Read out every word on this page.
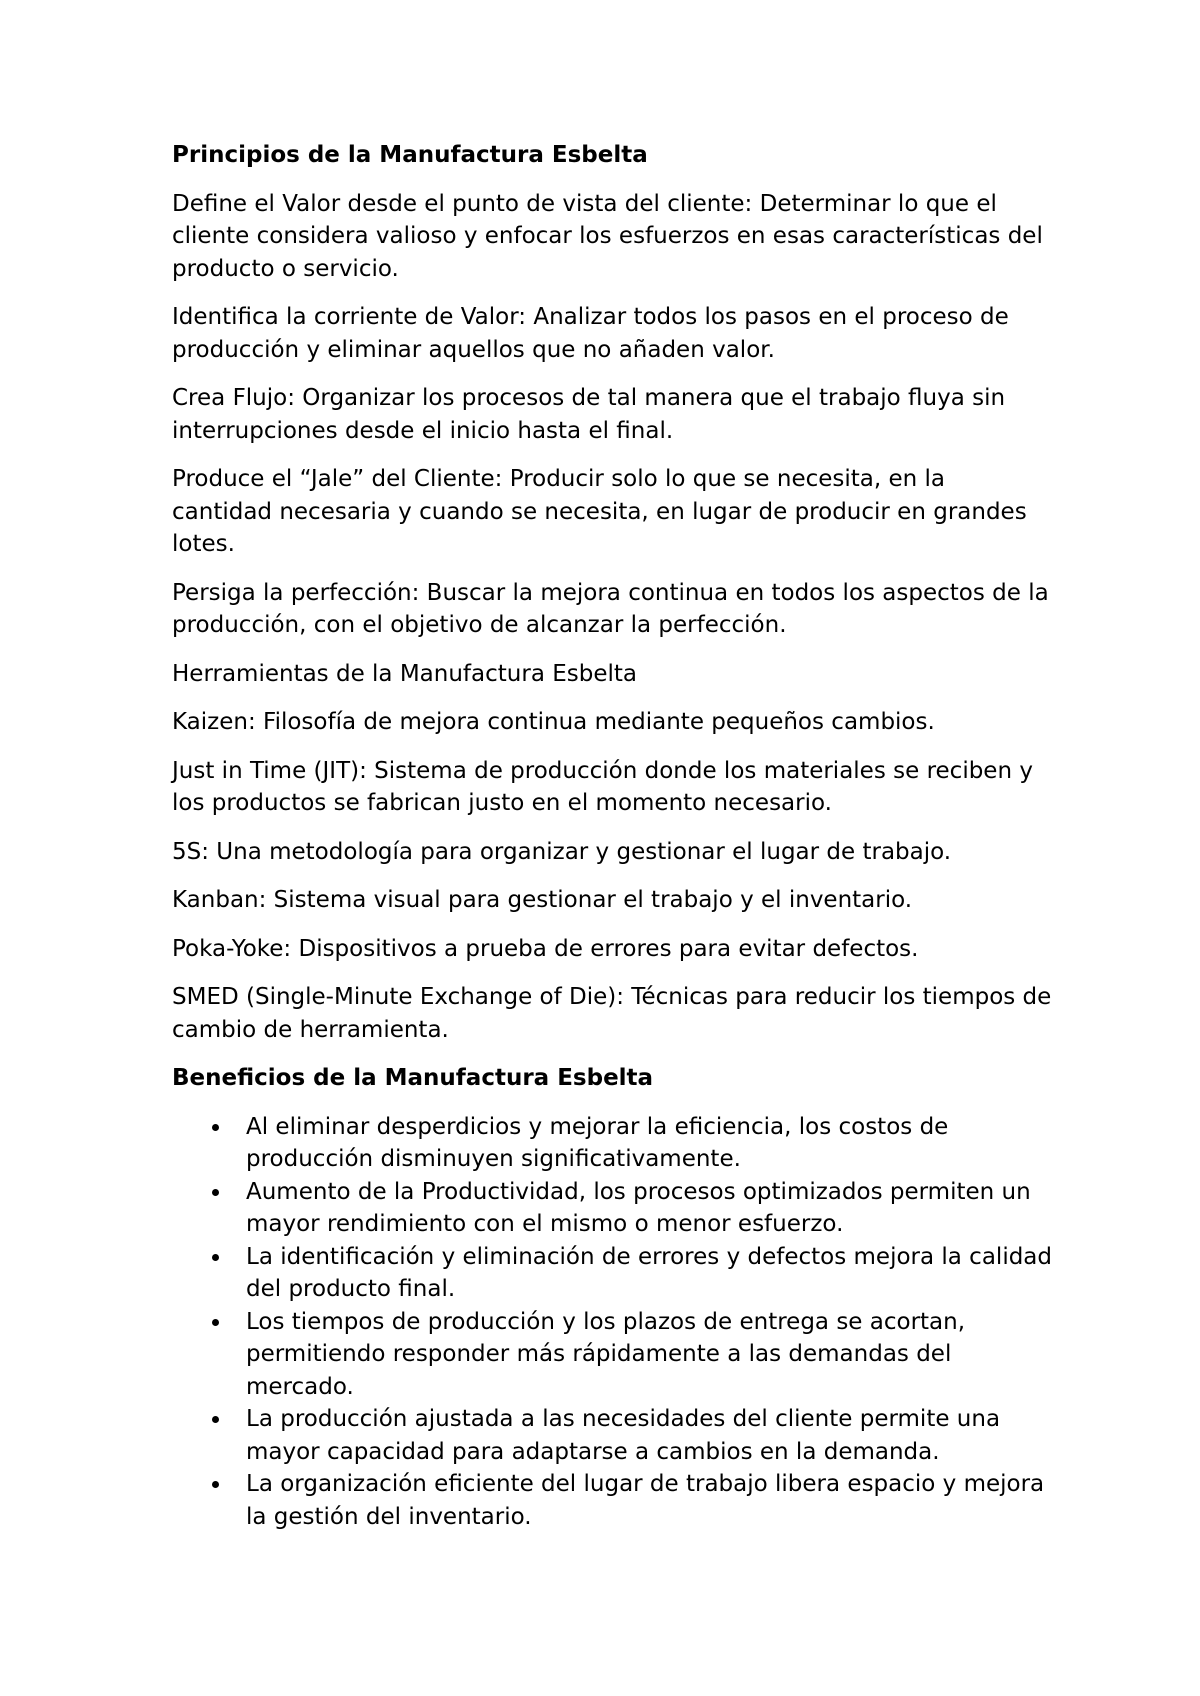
Principios de la Manufactura Esbelta

Define el Valor desde el punto de vista del cliente: Determinar lo que el cliente considera valioso y enfocar los esfuerzos en esas características del producto o servicio.

Identifica la corriente de Valor: Analizar todos los pasos en el proceso de producción y eliminar aquellos que no añaden valor.

Crea Flujo: Organizar los procesos de tal manera que el trabajo fluya sin interrupciones desde el inicio hasta el final.

Produce el “Jale” del Cliente: Producir solo lo que se necesita, en la cantidad necesaria y cuando se necesita, en lugar de producir en grandes lotes.

Persiga la perfección: Buscar la mejora continua en todos los aspectos de la producción, con el objetivo de alcanzar la perfección.

Herramientas de la Manufactura Esbelta

Kaizen: Filosofía de mejora continua mediante pequeños cambios.

Just in Time (JIT): Sistema de producción donde los materiales se reciben y los productos se fabrican justo en el momento necesario.

5S: Una metodología para organizar y gestionar el lugar de trabajo.

Kanban: Sistema visual para gestionar el trabajo y el inventario.

Poka-Yoke: Dispositivos a prueba de errores para evitar defectos.

SMED (Single-Minute Exchange of Die): Técnicas para reducir los tiempos de cambio de herramienta.

Beneficios de la Manufactura Esbelta
Al eliminar desperdicios y mejorar la eficiencia, los costos de producción disminuyen significativamente.
Aumento de la Productividad, los procesos optimizados permiten un mayor rendimiento con el mismo o menor esfuerzo.
La identificación y eliminación de errores y defectos mejora la calidad del producto final.
Los tiempos de producción y los plazos de entrega se acortan, permitiendo responder más rápidamente a las demandas del mercado.
La producción ajustada a las necesidades del cliente permite una mayor capacidad para adaptarse a cambios en la demanda.
La organización eficiente del lugar de trabajo libera espacio y mejora la gestión del inventario.
